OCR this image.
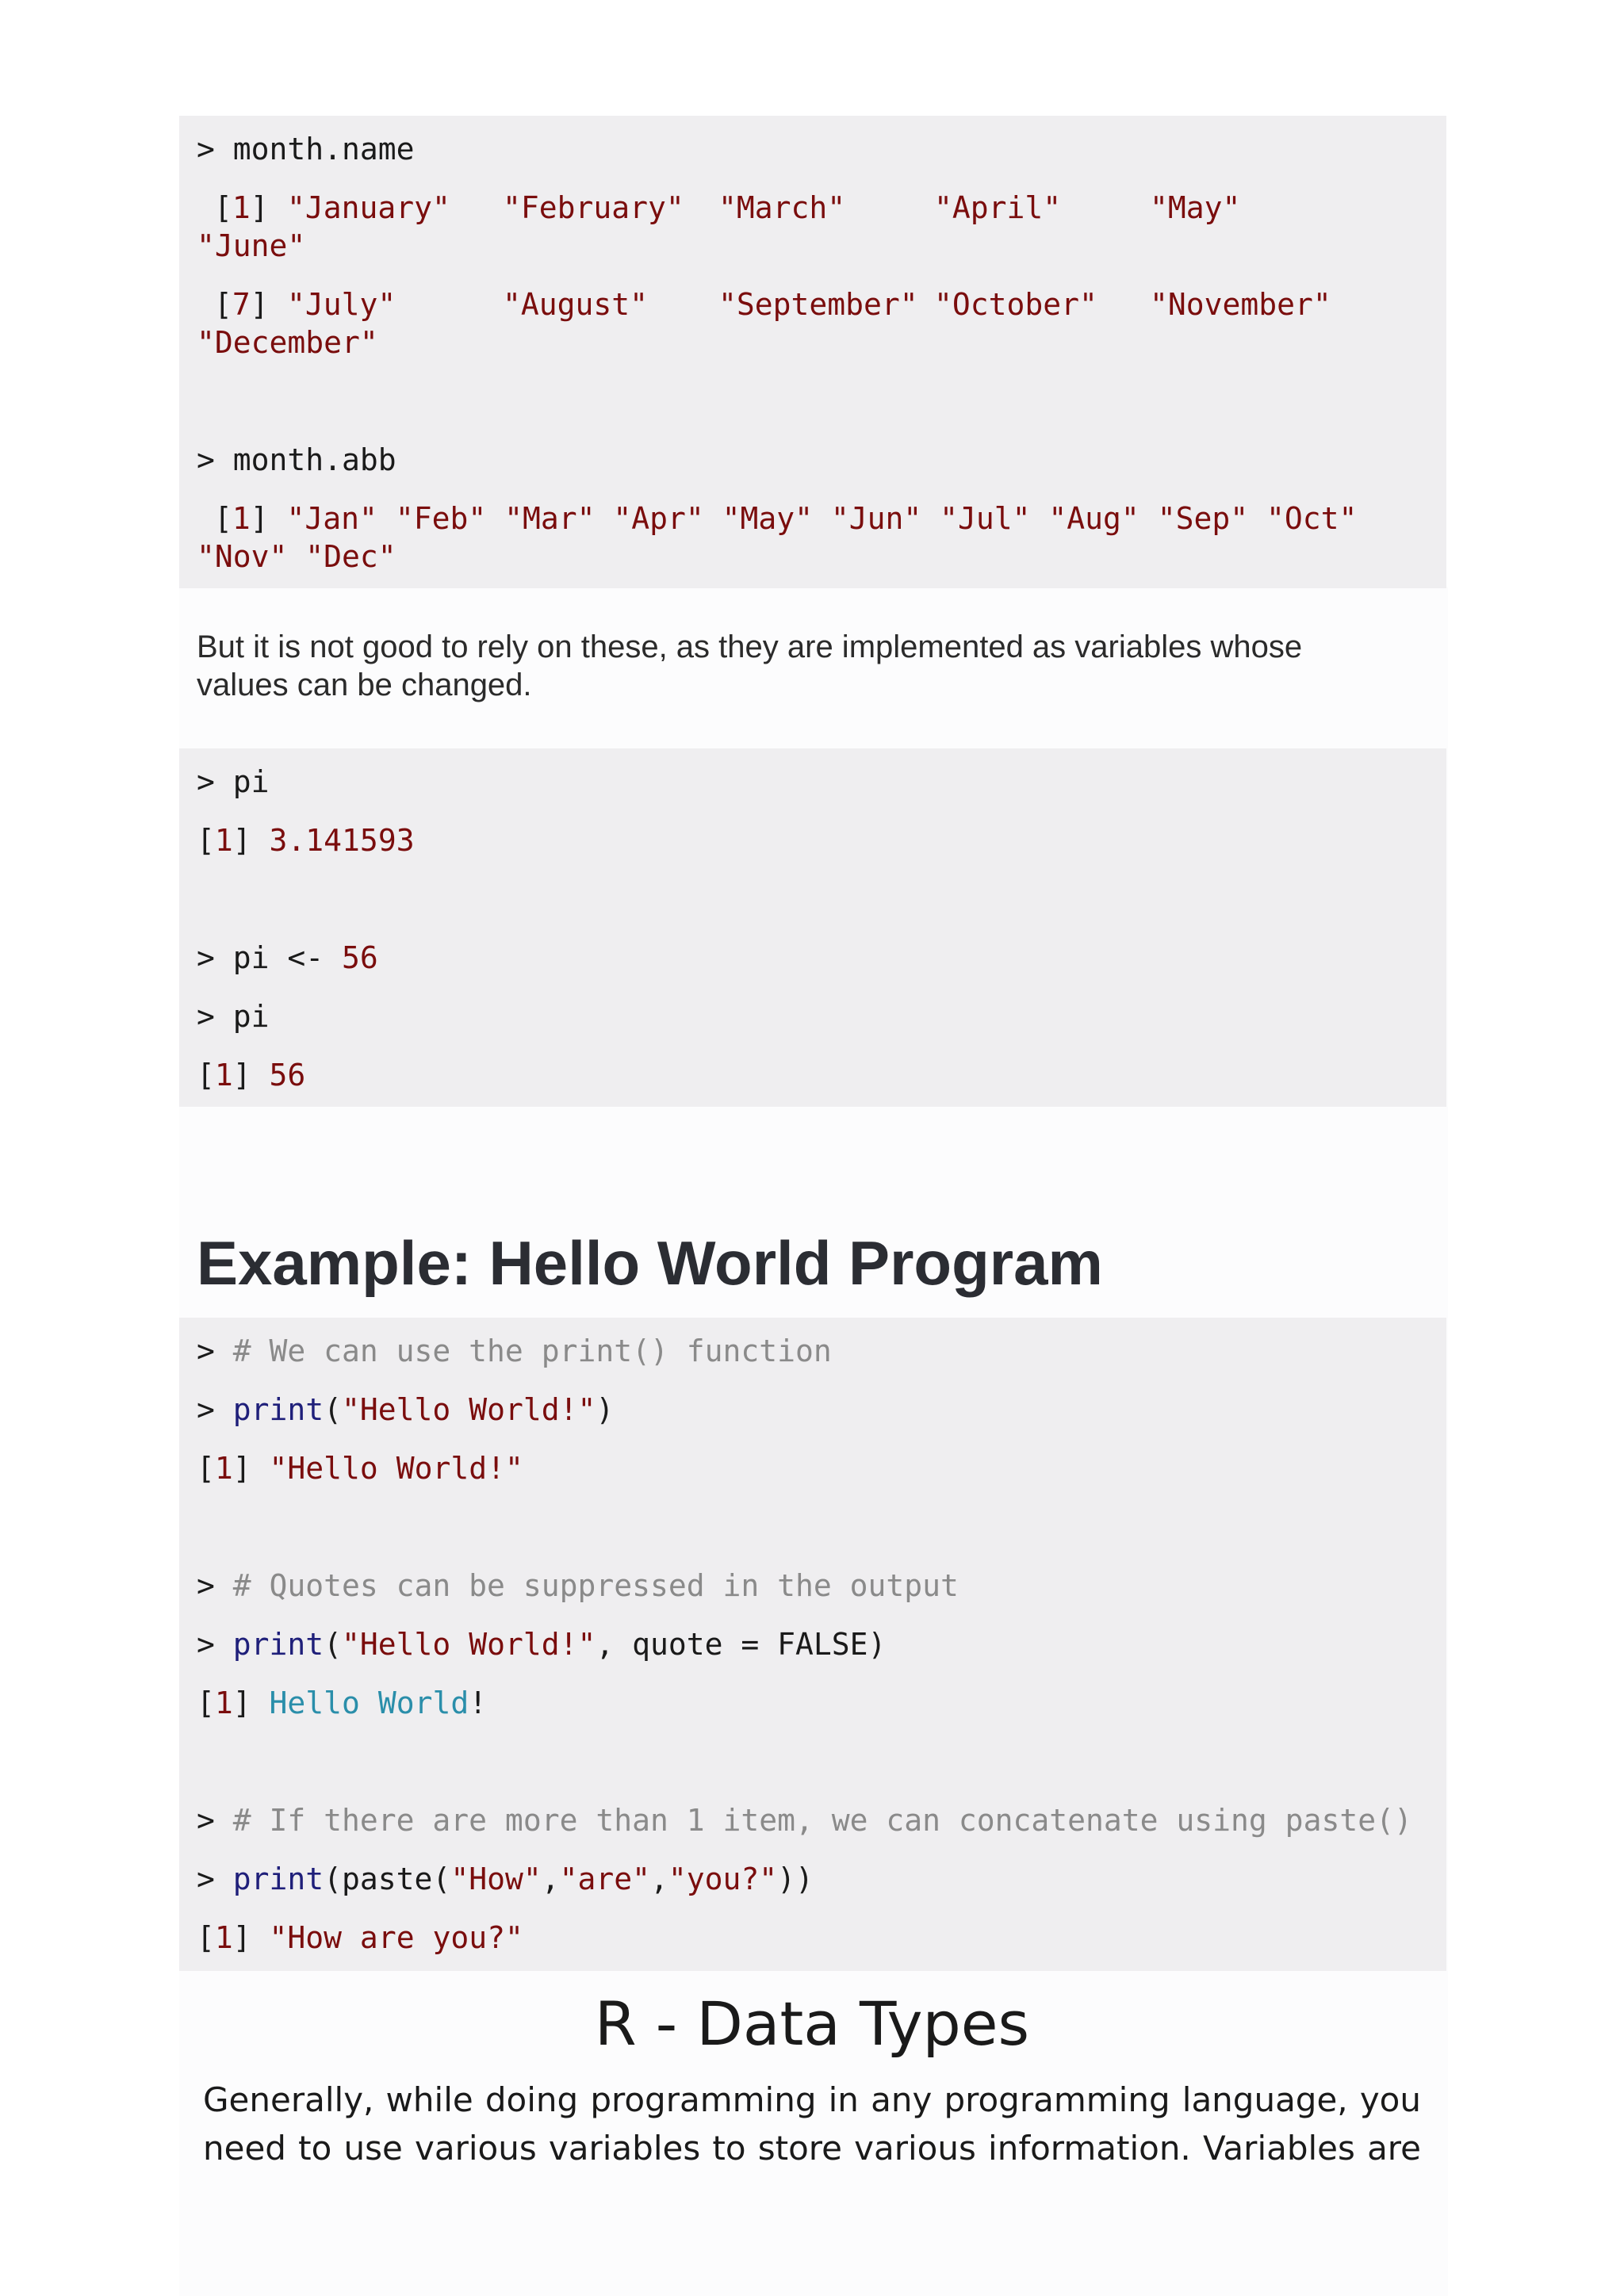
> month.name
[1] "January" "February" "March"	"April"	"May"
"June"
[7] "July"	"August" "September" "October" "November"
"December"
> month.abb
[1] "Jan" "Feb" "Mar" "Apr" "May" "Jun" "Jul" "Aug" "Sep" "Oct"
"Nov" "Dec"

But it is not good to rely on these, as they are implemented as variables whose

values can be changed.

> pi
[1] 3.141593
> pi <- 56
> pi
[1] 56
Example: Hello World Program
> # We can use the print() function
> print("Hello World!")
[1] "Hello World!"
> # Quotes can be suppressed in the output
> print("Hello World!", quote = FALSE)
[1] Hello World!
> # If there are more than 1 item, we can concatenate using paste()
> print(paste("How","are","you?"))
[1] "How are you?"
R - Data Types

Generally, while doing programming in any programming language, you

need to use various variables to store various information. Variables are
